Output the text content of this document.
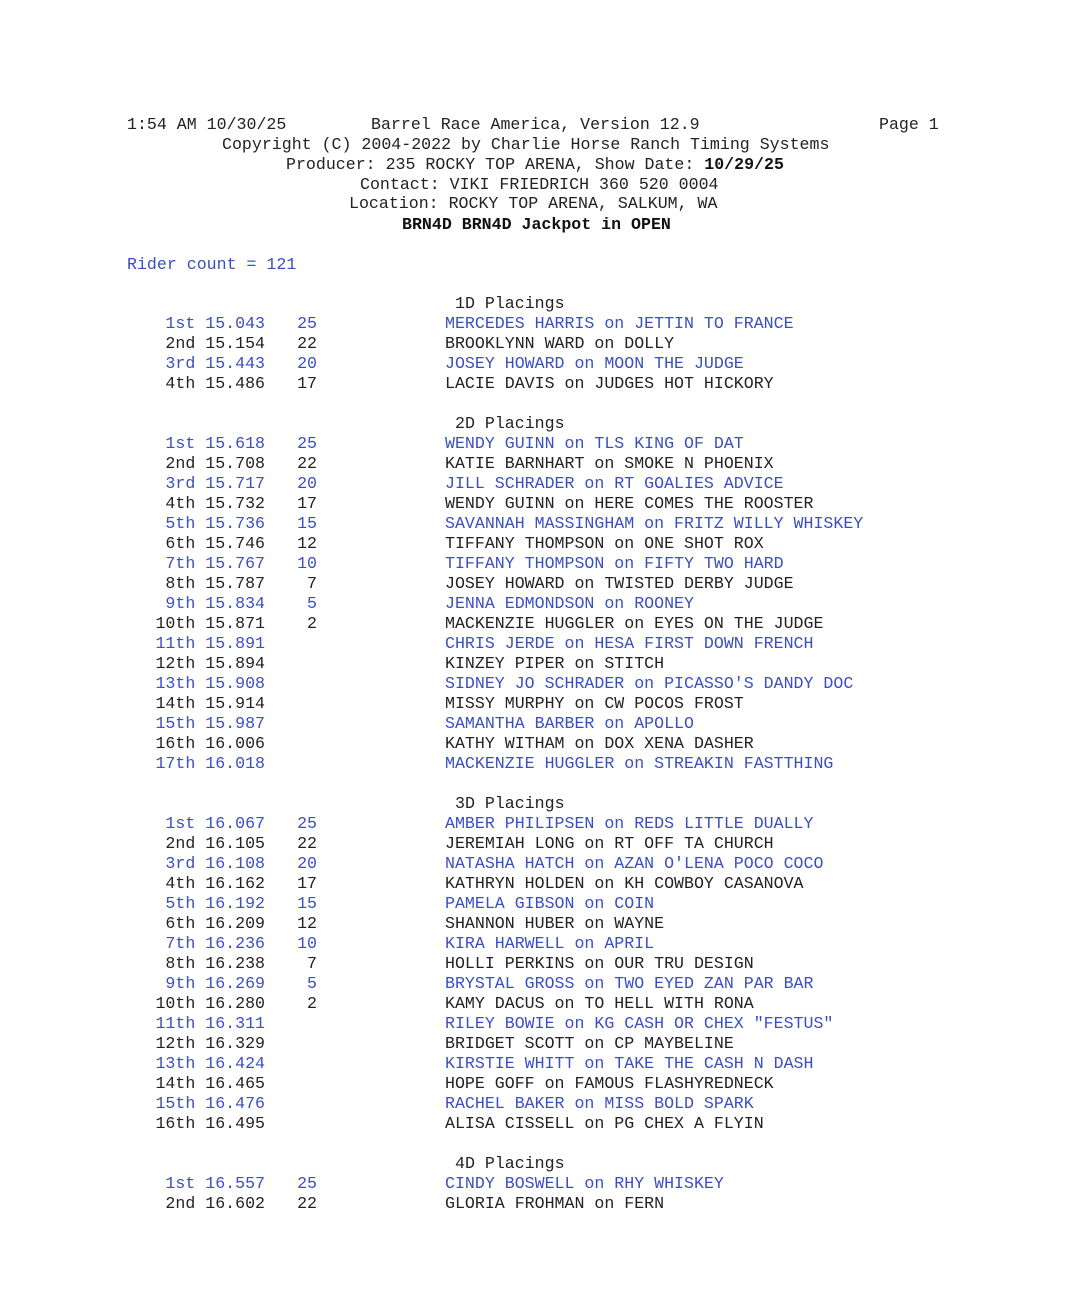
1:54 AM 10/30/25	Barrel Race America, Version 12.9	Page 1
Copyright (C) 2004-2022 by Charlie Horse Ranch Timing Systems
Producer: 235 ROCKY TOP ARENA, Show Date: 10/29/25
Contact: VIKI FRIEDRICH 360 520 0004
Location: ROCKY TOP ARENA, SALKUM, WA
BRN4D BRN4D Jackpot in OPEN
Rider count = 121
1D Placings
1st 15.043	25	MERCEDES HARRIS on JETTIN TO FRANCE
2nd 15.154	22	BROOKLYNN WARD on DOLLY
3rd 15.443	20	JOSEY HOWARD on MOON THE JUDGE
4th 15.486	17	LACIE DAVIS on JUDGES HOT HICKORY
2D Placings
1st 15.618	25	WENDY GUINN on TLS KING OF DAT
2nd 15.708	22	KATIE BARNHART on SMOKE N PHOENIX
3rd 15.717	20	JILL SCHRADER on RT GOALIES ADVICE
4th 15.732	17	WENDY GUINN on HERE COMES THE ROOSTER
5th 15.736	15	SAVANNAH MASSINGHAM on FRITZ WILLY WHISKEY
6th 15.746	12	TIFFANY THOMPSON on ONE SHOT ROX
7th 15.767	10	TIFFANY THOMPSON on FIFTY TWO HARD
8th 15.787	7	JOSEY HOWARD on TWISTED DERBY JUDGE
9th 15.834	5	JENNA EDMONDSON on ROONEY
10th 15.871	2	MACKENZIE HUGGLER on EYES ON THE JUDGE
11th 15.891	CHRIS JERDE on HESA FIRST DOWN FRENCH
12th 15.894	KINZEY PIPER on STITCH
13th 15.908	SIDNEY JO SCHRADER on PICASSO'S DANDY DOC
14th 15.914	MISSY MURPHY on CW POCOS FROST
15th 15.987	SAMANTHA BARBER on APOLLO
16th 16.006	KATHY WITHAM on DOX XENA DASHER
17th 16.018	MACKENZIE HUGGLER on STREAKIN FASTTHING
3D Placings
1st 16.067	25	AMBER PHILIPSEN on REDS LITTLE DUALLY
2nd 16.105	22	JEREMIAH LONG on RT OFF TA CHURCH
3rd 16.108	20	NATASHA HATCH on AZAN O'LENA POCO COCO
4th 16.162	17	KATHRYN HOLDEN on KH COWBOY CASANOVA
5th 16.192	15	PAMELA GIBSON on COIN
6th 16.209	12	SHANNON HUBER on WAYNE
7th 16.236	10	KIRA HARWELL on APRIL
8th 16.238	7	HOLLI PERKINS on OUR TRU DESIGN
9th 16.269	5	BRYSTAL GROSS on TWO EYED ZAN PAR BAR
10th 16.280	2	KAMY DACUS on TO HELL WITH RONA
11th 16.311	RILEY BOWIE on KG CASH OR CHEX "FESTUS"
12th 16.329	BRIDGET SCOTT on CP MAYBELINE
13th 16.424	KIRSTIE WHITT on TAKE THE CASH N DASH
14th 16.465	HOPE GOFF on FAMOUS FLASHYREDNECK
15th 16.476	RACHEL BAKER on MISS BOLD SPARK
16th 16.495	ALISA CISSELL on PG CHEX A FLYIN
4D Placings
1st 16.557	25	CINDY BOSWELL on RHY WHISKEY
2nd 16.602	22	GLORIA FROHMAN on FERN
